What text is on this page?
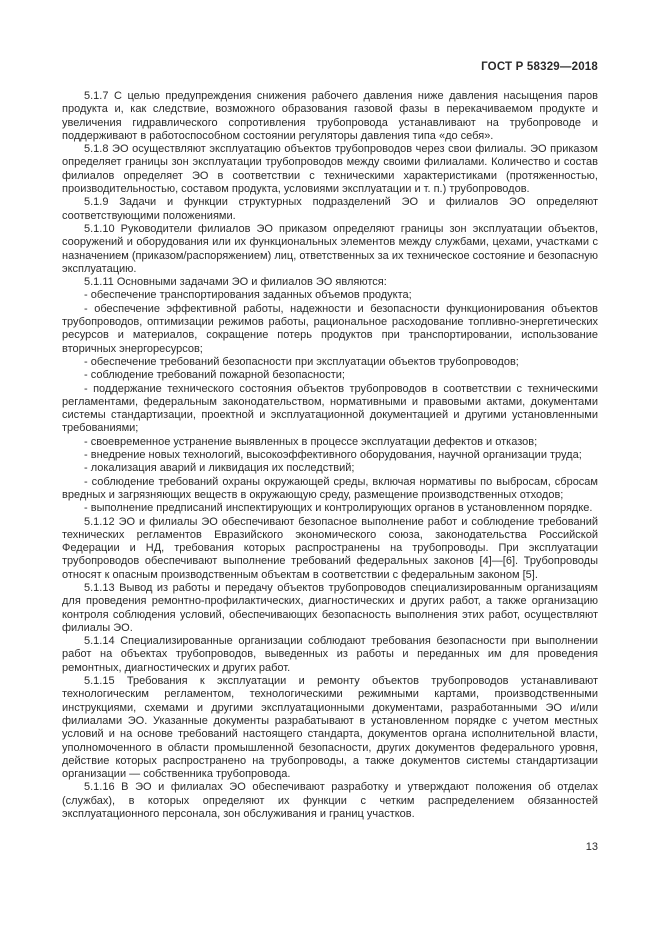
ГОСТ Р 58329—2018

5.1.7 С целью предупреждения снижения рабочего давления ниже давления насыщения паров продукта и, как следствие, возможного образования газовой фазы в перекачиваемом продукте и увеличения гидравлического сопротивления трубопровода устанавливают на трубопроводе и поддерживают в работоспособном состоянии регуляторы давления типа «до себя».

5.1.8 ЭО осуществляют эксплуатацию объектов трубопроводов через свои филиалы. ЭО приказом определяет границы зон эксплуатации трубопроводов между своими филиалами. Количество и состав филиалов определяет ЭО в соответствии с техническими характеристиками (протяженностью, производительностью, составом продукта, условиями эксплуатации и т. п.) трубопроводов.

5.1.9 Задачи и функции структурных подразделений ЭО и филиалов ЭО определяют соответствующими положениями.

5.1.10 Руководители филиалов ЭО приказом определяют границы зон эксплуатации объектов, сооружений и оборудования или их функциональных элементов между службами, цехами, участками с назначением (приказом/распоряжением) лиц, ответственных за их техническое состояние и безопасную эксплуатацию.

5.1.11 Основными задачами ЭО и филиалов ЭО являются:

- обеспечение транспортирования заданных объемов продукта;

- обеспечение эффективной работы, надежности и безопасности функционирования объектов трубопроводов, оптимизации режимов работы, рациональное расходование топливно-энергетических ресурсов и материалов, сокращение потерь продуктов при транспортировании, использование вторичных энергоресурсов;

- обеспечение требований безопасности при эксплуатации объектов трубопроводов;

- соблюдение требований пожарной безопасности;

- поддержание технического состояния объектов трубопроводов в соответствии с техническими регламентами, федеральным законодательством, нормативными и правовыми актами, документами системы стандартизации, проектной и эксплуатационной документацией и другими установленными требованиями;

- своевременное устранение выявленных в процессе эксплуатации дефектов и отказов;

- внедрение новых технологий, высокоэффективного оборудования, научной организации труда;

- локализация аварий и ликвидация их последствий;

- соблюдение требований охраны окружающей среды, включая нормативы по выбросам, сбросам вредных и загрязняющих веществ в окружающую среду, размещение производственных отходов;

- выполнение предписаний инспектирующих и контролирующих органов в установленном порядке.

5.1.12 ЭО и филиалы ЭО обеспечивают безопасное выполнение работ и соблюдение требований технических регламентов Евразийского экономического союза, законодательства Российской Федерации и НД, требования которых распространены на трубопроводы. При эксплуатации трубопроводов обеспечивают выполнение требований федеральных законов [4]—[6]. Трубопроводы относят к опасным производственным объектам в соответствии с федеральным законом [5].

5.1.13 Вывод из работы и передачу объектов трубопроводов специализированным организациям для проведения ремонтно-профилактических, диагностических и других работ, а также организацию контроля соблюдения условий, обеспечивающих безопасность выполнения этих работ, осуществляют филиалы ЭО.

5.1.14 Специализированные организации соблюдают требования безопасности при выполнении работ на объектах трубопроводов, выведенных из работы и переданных им для проведения ремонтных, диагностических и других работ.

5.1.15 Требования к эксплуатации и ремонту объектов трубопроводов устанавливают технологическим регламентом, технологическими режимными картами, производственными инструкциями, схемами и другими эксплуатационными документами, разработанными ЭО и/или филиалами ЭО. Указанные документы разрабатывают в установленном порядке с учетом местных условий и на основе требований настоящего стандарта, документов органа исполнительной власти, уполномоченного в области промышленной безопасности, других документов федерального уровня, действие которых распространено на трубопроводы, а также документов системы стандартизации организации — собственника трубопровода.

5.1.16 В ЭО и филиалах ЭО обеспечивают разработку и утверждают положения об отделах (службах), в которых определяют их функции с четким распределением обязанностей эксплуатационного персонала, зон обслуживания и границ участков.

13
